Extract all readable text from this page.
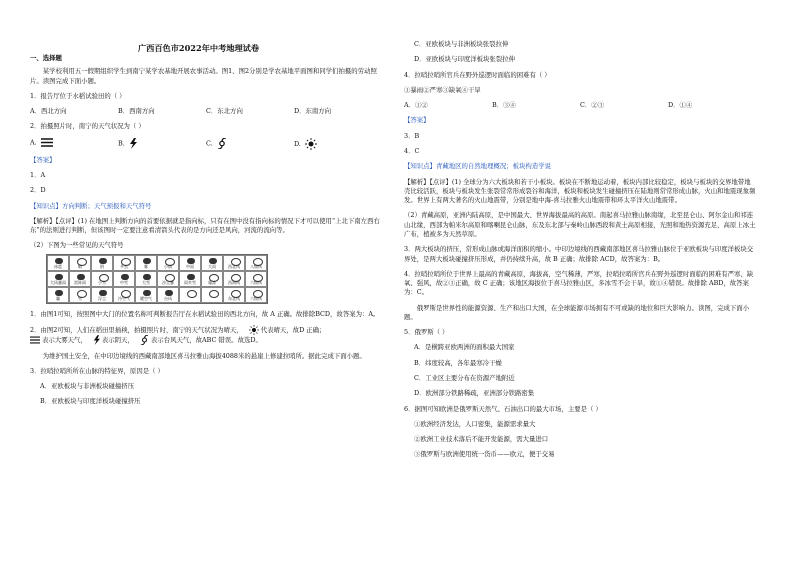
广西百色市2022年中考地理试卷
一、选择题
某学校利用五一假期组织学生到南宁某学农基地开展农事活动。图1、图2分别是学农基地平面图和同学们拍摄的劳动照片。读图完成下面小题。
1．报告厅位于水稻试验田的（ ）
A．西北方向	B．西南方向	C．东北方向	D．东南方向
2．拍摄照片时，南宁的天气状况为（ ）
A.	B.	C.	D.
【答案】
1．A
2．D
【知识点】方向判断；天气预报和天气符号
【解析】【点评】(1) 在地图上判断方向的首要依据就是指向标，只有在图中没有指向标的情况下才可以使用“上北下南左西右东”的法则进行判断，但该图时一定要注意看清箭头代表的是方向还是风向，河流的流向等。
（2）下图为一些常见的天气符号
冰雹	晴	阴	多云	雾	小雨	中雨	大雨	西北风	八级风
大风暴雨	雷阵雨	小雪	中雪	大雪	沙尘暴	雨夹雪	霜冻	西南风	六级风
霾	雪	浮尘	冷空气	暖空气	台风	东北风	六级风
1．由图1可知，按照图中大门的位置名称可判断报告厅在水稻试验田的西北方向，故 A 正确。故排除BCD，故答案为：A。
2．由图2可知，人们在稻田里插秧，拍摄照片时，南宁的天气状况为晴天，	代表晴天，故D 正确；
表示大雾天气， 表示阴天，	表示台风天气，故ABC 错误。故选D。
为维护国土安全，在中印边境线的西藏南部地区喜马拉雅山海拔4088米的悬崖上修建拉哨所。据此完成下面小题。
3．拉哨拉哨所所在山脉的特征界，原因是（ ）
A．亚欧板块与非洲板块碰撞挤压
B．亚欧板块与印度洋板块碰撞挤压
C．亚欧板块与非洲板块张裂拉伸
D．亚欧板块与印度洋板块张裂拉伸
4．拉哨拉哨所官兵在野外巡逻时面临的困难有（ ）
①暴雨②严寒③缺氧④干旱
A．①②	B．③④	C．②③	D．①④
【答案】
3．B
4．C
【知识点】青藏地区的自然地理概况；板块构造学说
【解析】【点评】(1) 全球分为六大板块和若干小板块。板块在不断地运动着，板块内部比较稳定，板块与板块的交界地带地壳比较活跃，板块与板块发生张裂常常形成裂谷和海洋，板块和板块发生碰撞挤压在陆地则常常形成山脉，火山和地震现象频发。世界上有两大著名的火山地震带，分别是地中海-喜马拉雅火山地震带和环太平洋火山地震带。
（2）青藏高原，亚洲内陆高原，是中国最大、世界海拔最高的高原。南起喜马拉雅山脉南缘，北至昆仑山、阿尔金山和祁连山北缘，西部为帕米尔高原和喀喇昆仑山脉，东及东北部与秦岭山脉西段和黄土高原相接，光照和地热资源充足，高原上冰土广布，植被多为天然草原。
3．两大板块的挤压，常形成山脉或海洋面积的缩小。中印边境线的西藏南部地区喜马拉雅山脉位于亚欧板块与印度洋板块交界处，是两大板块碰撞挤压形成，并仍持续升高，故 B 正确；故排除 ACD，故答案为：B。
4．拉哨拉哨所位于世界上最高的青藏高原，海拔高，空气稀薄，严寒，拉哨拉哨所官兵在野外巡逻时面临的困难有严寒、缺氧、强风，故②③正确，故 C 正确；该地区海拔位于喜马拉雅山区，多冰雪不会干旱，故①④错误。故排除 ABD，故答案为：C。
俄罗斯是世界性的能源资源、生产和出口大国，在全球能源市场拥有不可或缺的地位和巨大影响力。读图，完成下面小题。
5．俄罗斯（ ）
A．是横跨亚欧两洲的面积最大国家
B．纬度较高，各年最寒冷干燥
C．工业区主要分布在资源产地附近
D．欧洲部分铁路稀疏，亚洲部分铁路密集
6．据图可知欧洲是俄罗斯天然气、石油出口的最大市场，主要是（ ）
①欧洲经济发达，人口密集，能源需求量大
②欧洲工业技术落后不能开发能源，需大量进口
③俄罗斯与欧洲使用统一货币——欧元，便于交易
